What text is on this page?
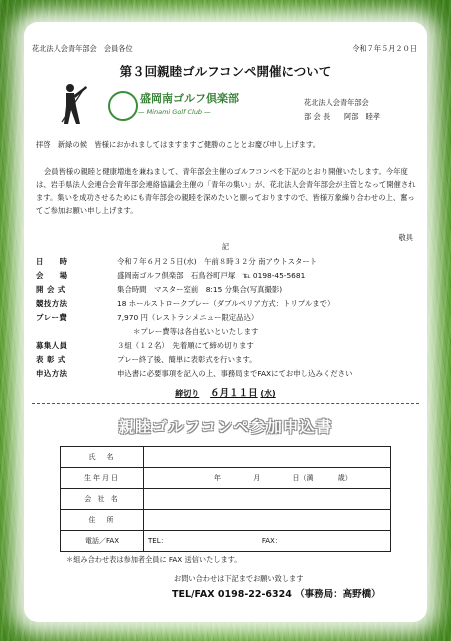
花北法人会青年部会　会員各位	令和７年５月２０日
第３回親睦ゴルフコンペ開催について
盛岡南ゴルフ倶楽部
— Minami Golf Club —
花北法人会青年部会
部 会 長 阿部　睦孝
拝啓　新緑の候　皆様におかれましてはますますご健勝のこととお慶び申し上げます。
会員皆様の親睦と健康増進を兼ねまして、青年部会主催のゴルフコンペを下記のとおり開催いたします。今年度は、岩手県法人会連合会青年部会連絡協議会主催の「青年の集い」が、花北法人会青年部会が主管となって開催されます。集いを成功させるためにも青年部会の親睦を深めたいと願っておりますので、皆様万象繰り合わせの上、奮ってご参加お願い申し上げます。
敬具
記
日　　時	令和７年６月２５日(水)　午前８時３２分 南アウトスタート
会　　場	盛岡南ゴルフ倶楽部　石鳥谷町戸塚　℡ 0198-45-5681
開 会 式	集合時間　マスター室前　8:15 分集合(写真撮影)
競技方法	18 ホールストロークプレー（ダブルペリア方式：トリプルまで）
プレー費	7,970 円（レストランメニュー限定品込）
＊プレー費等は各自払いといたします
募集人員	３組（１２名）　先着順にて締め切ります
表 彰 式	プレー終了後、簡単に表彰式を行います。
申込方法	申込書に必要事項を記入の上、事務局までFAXにてお申し込みください
締切り　 ６月１１日 (水)
親睦ゴルフコンペ参加申込書
氏　名	
生年月日	年 月 日（満 歳）
会 社 名	
住　所	
電話／FAX	TEL： FAX：
＊組み合わせ表は参加者全員に FAX 送信いたします。
お問い合わせは下記までお願い致します
TEL/FAX 0198-22-6324 （事務局：高野橋）
